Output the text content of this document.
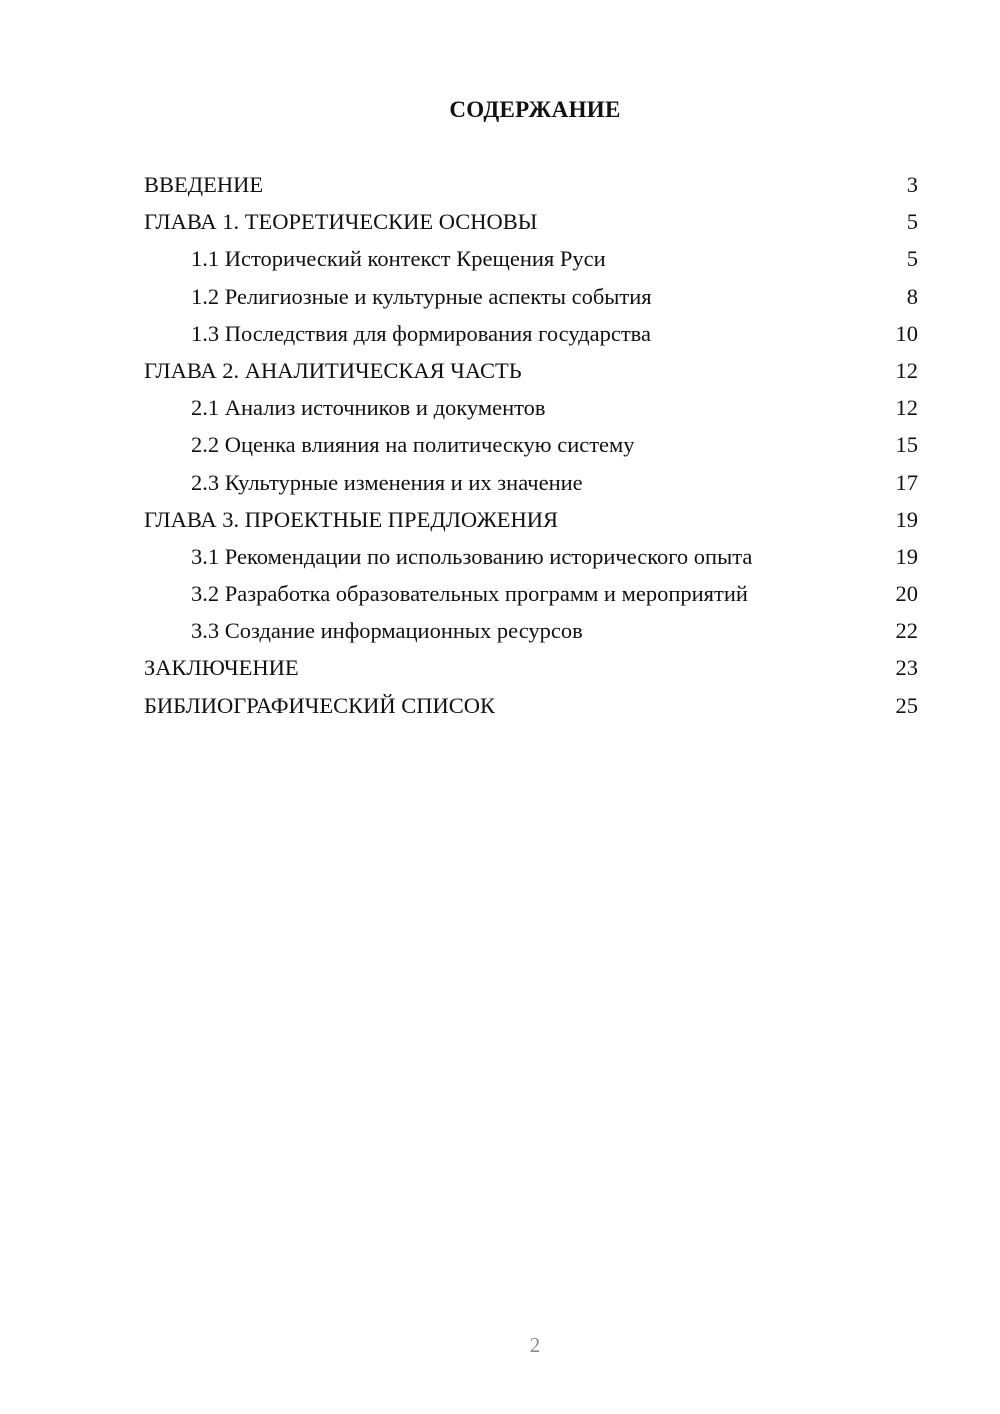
СОДЕРЖАНИЕ
ВВЕДЕНИЕ	3
ГЛАВА 1. ТЕОРЕТИЧЕСКИЕ ОСНОВЫ	5
1.1 Исторический контекст Крещения Руси	5
1.2 Религиозные и культурные аспекты события	8
1.3 Последствия для формирования государства	10
ГЛАВА 2. АНАЛИТИЧЕСКАЯ ЧАСТЬ	12
2.1 Анализ источников и документов	12
2.2 Оценка влияния на политическую систему	15
2.3 Культурные изменения и их значение	17
ГЛАВА 3. ПРОЕКТНЫЕ ПРЕДЛОЖЕНИЯ	19
3.1 Рекомендации по использованию исторического опыта	19
3.2 Разработка образовательных программ и мероприятий	20
3.3 Создание информационных ресурсов	22
ЗАКЛЮЧЕНИЕ	23
БИБЛИОГРАФИЧЕСКИЙ СПИСОК	25
2
